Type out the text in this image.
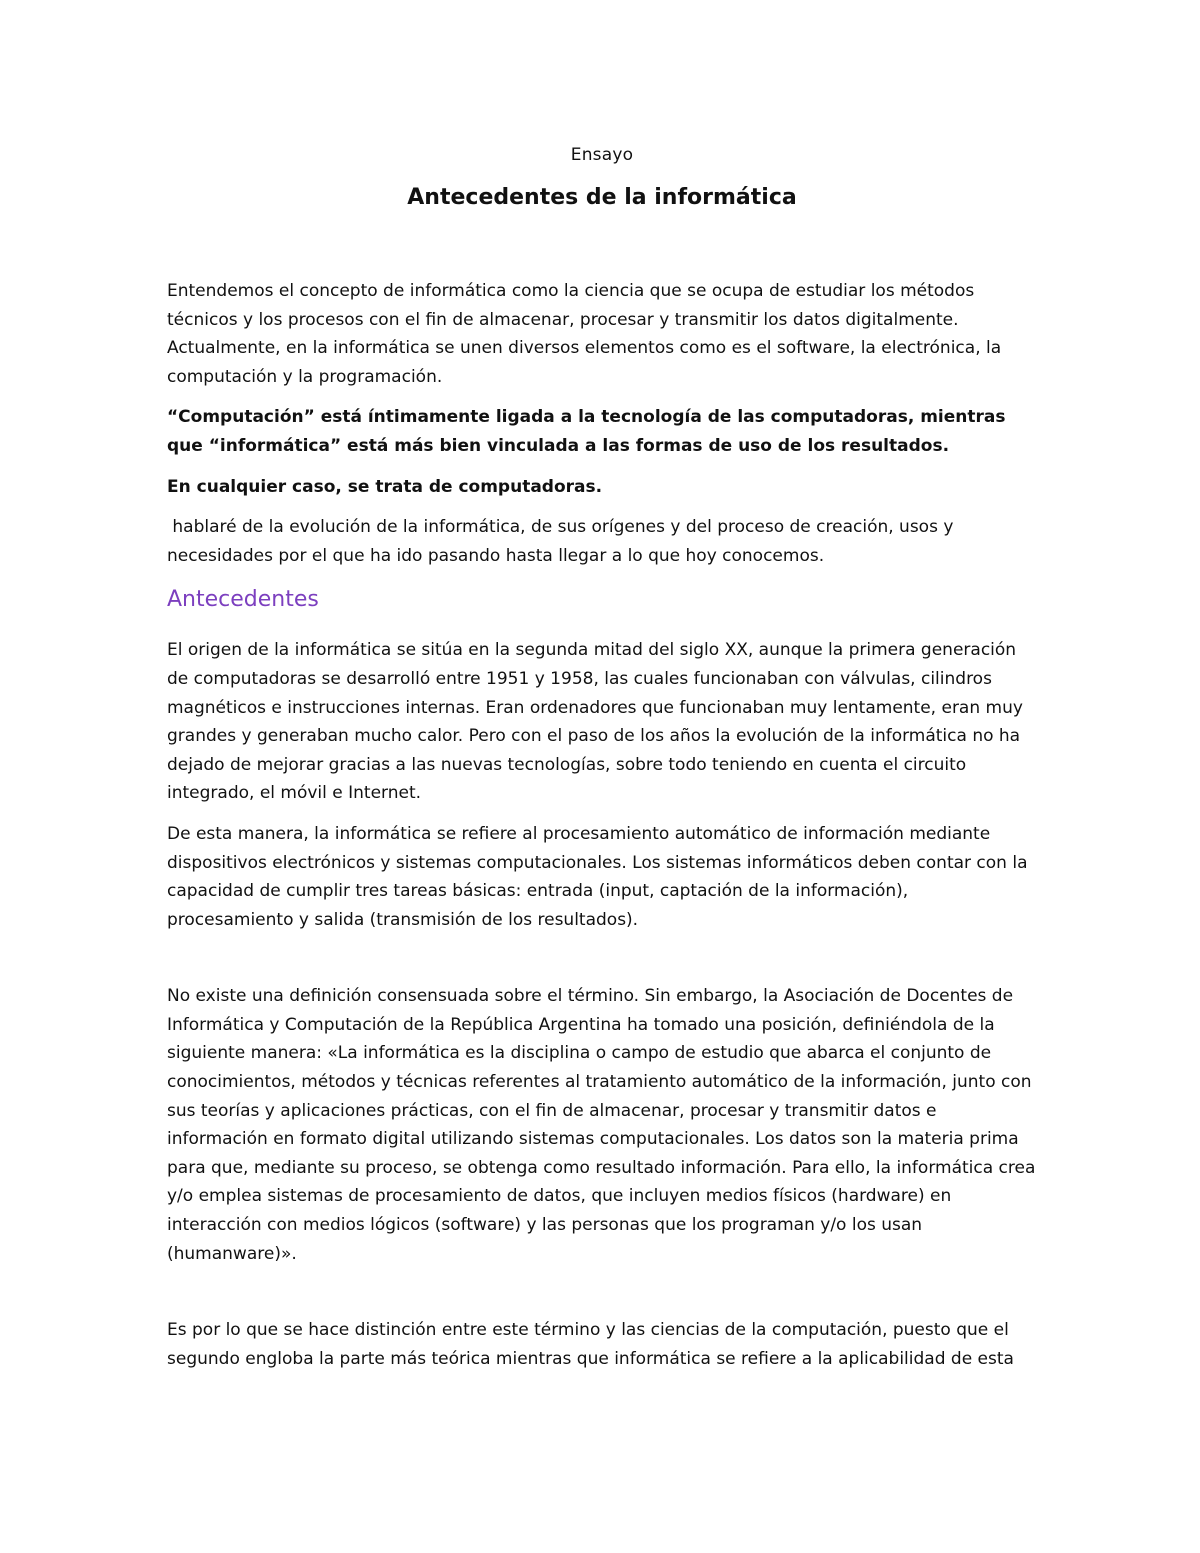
Ensayo
Antecedentes de la informática

Entendemos el concepto de informática como la ciencia que se ocupa de estudiar los métodos técnicos y los procesos con el fin de almacenar, procesar y transmitir los datos digitalmente. Actualmente, en la informática se unen diversos elementos como es el software, la electrónica, la computación y la programación.

“Computación” está íntimamente ligada a la tecnología de las computadoras, mientras que “informática” está más bien vinculada a las formas de uso de los resultados.

En cualquier caso, se trata de computadoras.

hablaré de la evolución de la informática, de sus orígenes y del proceso de creación, usos y necesidades por el que ha ido pasando hasta llegar a lo que hoy conocemos.

Antecedentes

El origen de la informática se sitúa en la segunda mitad del siglo XX, aunque la primera generación de computadoras se desarrolló entre 1951 y 1958, las cuales funcionaban con válvulas, cilindros magnéticos e instrucciones internas. Eran ordenadores que funcionaban muy lentamente, eran muy grandes y generaban mucho calor. Pero con el paso de los años la evolución de la informática no ha dejado de mejorar gracias a las nuevas tecnologías, sobre todo teniendo en cuenta el circuito  integrado, el móvil e Internet.

De esta manera, la informática se refiere al procesamiento automático de información mediante dispositivos electrónicos y sistemas computacionales. Los sistemas informáticos deben contar con la capacidad de cumplir tres tareas básicas: entrada (input, captación de la información), procesamiento y salida (transmisión de los resultados).

No existe una definición consensuada sobre el término. Sin embargo, la Asociación de Docentes de Informática y Computación de la República Argentina ha tomado una posición, definiéndola de la siguiente manera: «La informática es la disciplina o campo de estudio que abarca el conjunto de conocimientos, métodos y técnicas referentes al tratamiento automático de la información, junto con sus teorías y aplicaciones prácticas, con el fin de almacenar, procesar y transmitir datos e información en formato digital utilizando sistemas computacionales. Los datos son la materia prima para que, mediante su proceso, se obtenga como resultado información. Para ello, la informática crea y/o emplea sistemas de procesamiento de datos, que incluyen medios físicos (hardware) en interacción con medios lógicos (software) y las personas que los programan y/o los usan (humanware)».

Es por lo que se hace distinción entre este término y las ciencias de la computación, puesto que el segundo engloba la parte más teórica mientras que informática se refiere a la aplicabilidad de esta
